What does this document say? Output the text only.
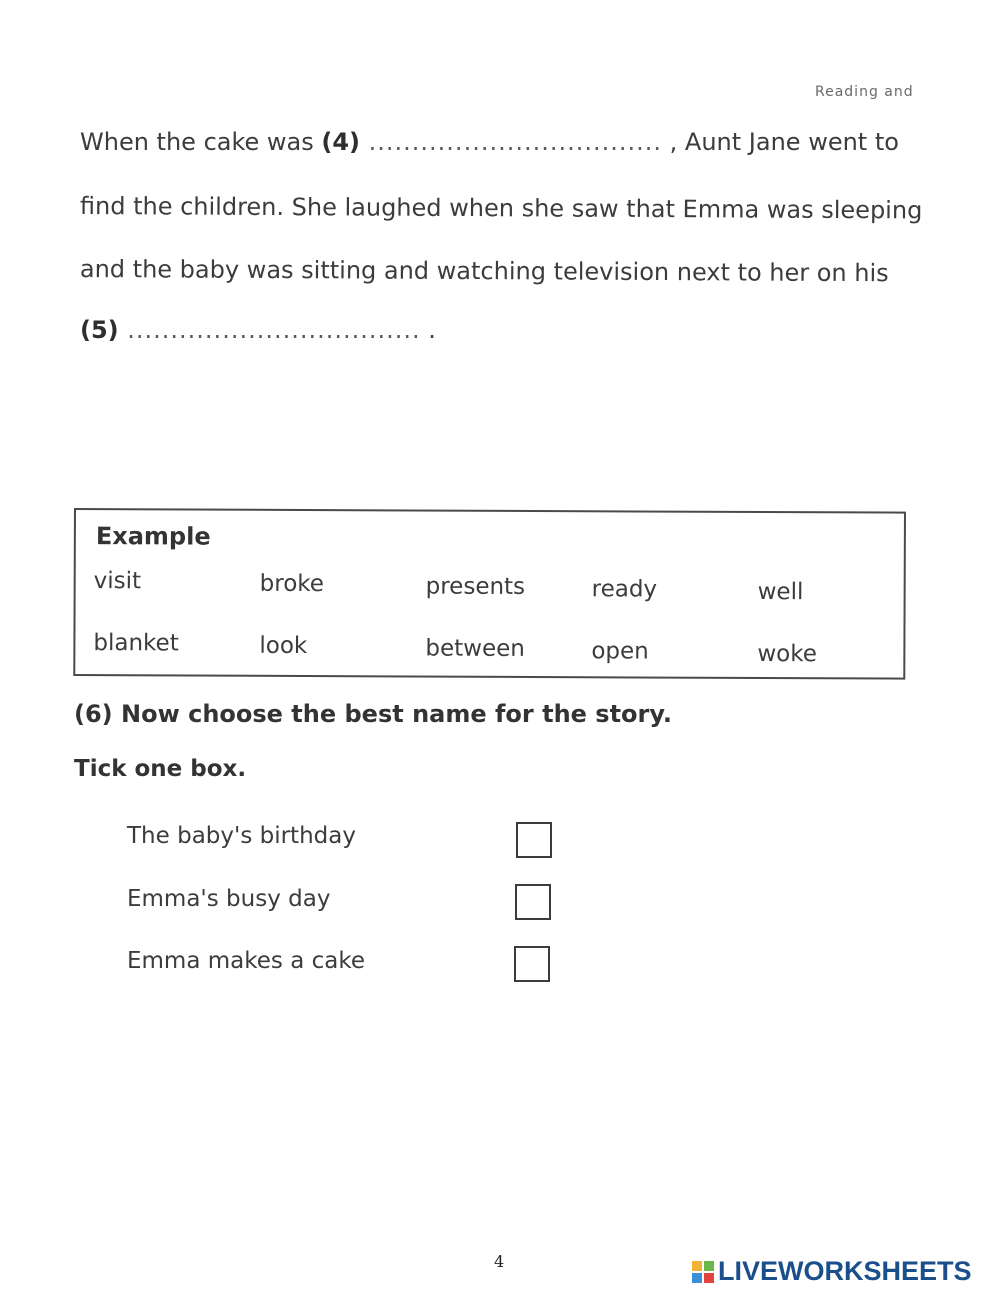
Reading and
When the cake was (4) .................................. , Aunt Jane went to
find the children. She laughed when she saw that Emma was sleeping
and the baby was sitting and watching television next to her on his
(5) .................................. .
Example
visit	broke	presents	ready	well
blanket	look	between	open	woke
(6) Now choose the best name for the story.
Tick one box.
The baby's birthday
Emma's busy day
Emma makes a cake
4	LIVEWORKSHEETS
